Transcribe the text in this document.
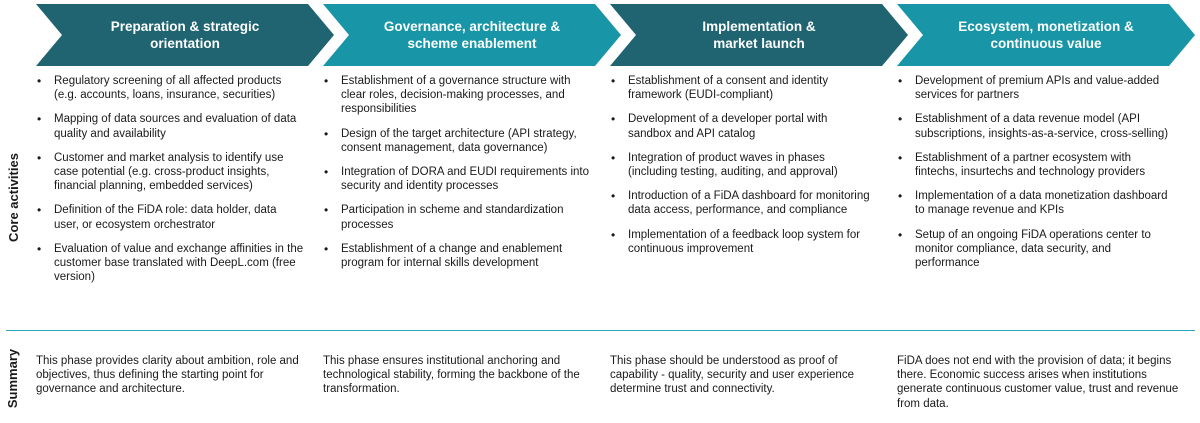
Preparation & strategic
orientation
Governance, architecture &
scheme enablement
Implementation &
market launch
Ecosystem, monetization &
continuous value
Core activities
Summary
• Regulatory screening of all affected products (e.g. accounts, loans, insurance, securities)
• Mapping of data sources and evaluation of data quality and availability
• Customer and market analysis to identify use case potential (e.g. cross-product insights, financial planning, embedded services)
• Definition of the FiDA role: data holder, data user, or ecosystem orchestrator
• Evaluation of value and exchange affinities in the customer base translated with DeepL.com (free version)
This phase provides clarity about ambition, role and objectives, thus defining the starting point for governance and architecture.
• Establishment of a governance structure with clear roles, decision-making processes, and responsibilities
• Design of the target architecture (API strategy, consent management, data governance)
• Integration of DORA and EUDI requirements into security and identity processes
• Participation in scheme and standardization processes
• Establishment of a change and enablement program for internal skills development
This phase ensures institutional anchoring and technological stability, forming the backbone of the transformation.
• Establishment of a consent and identity framework (EUDI-compliant)
• Development of a developer portal with sandbox and API catalog
• Integration of product waves in phases (including testing, auditing, and approval)
• Introduction of a FiDA dashboard for monitoring data access, performance, and compliance
• Implementation of a feedback loop system for continuous improvement
This phase should be understood as proof of capability - quality, security and user experience determine trust and connectivity.
• Development of premium APIs and value-added services for partners
• Establishment of a data revenue model (API subscriptions, insights-as-a-service, cross-selling)
• Establishment of a partner ecosystem with fintechs, insurtechs and technology providers
• Implementation of a data monetization dashboard to manage revenue and KPIs
• Setup of an ongoing FiDA operations center to monitor compliance, data security, and performance
FiDA does not end with the provision of data; it begins there. Economic success arises when institutions generate continuous customer value, trust and revenue from data.
